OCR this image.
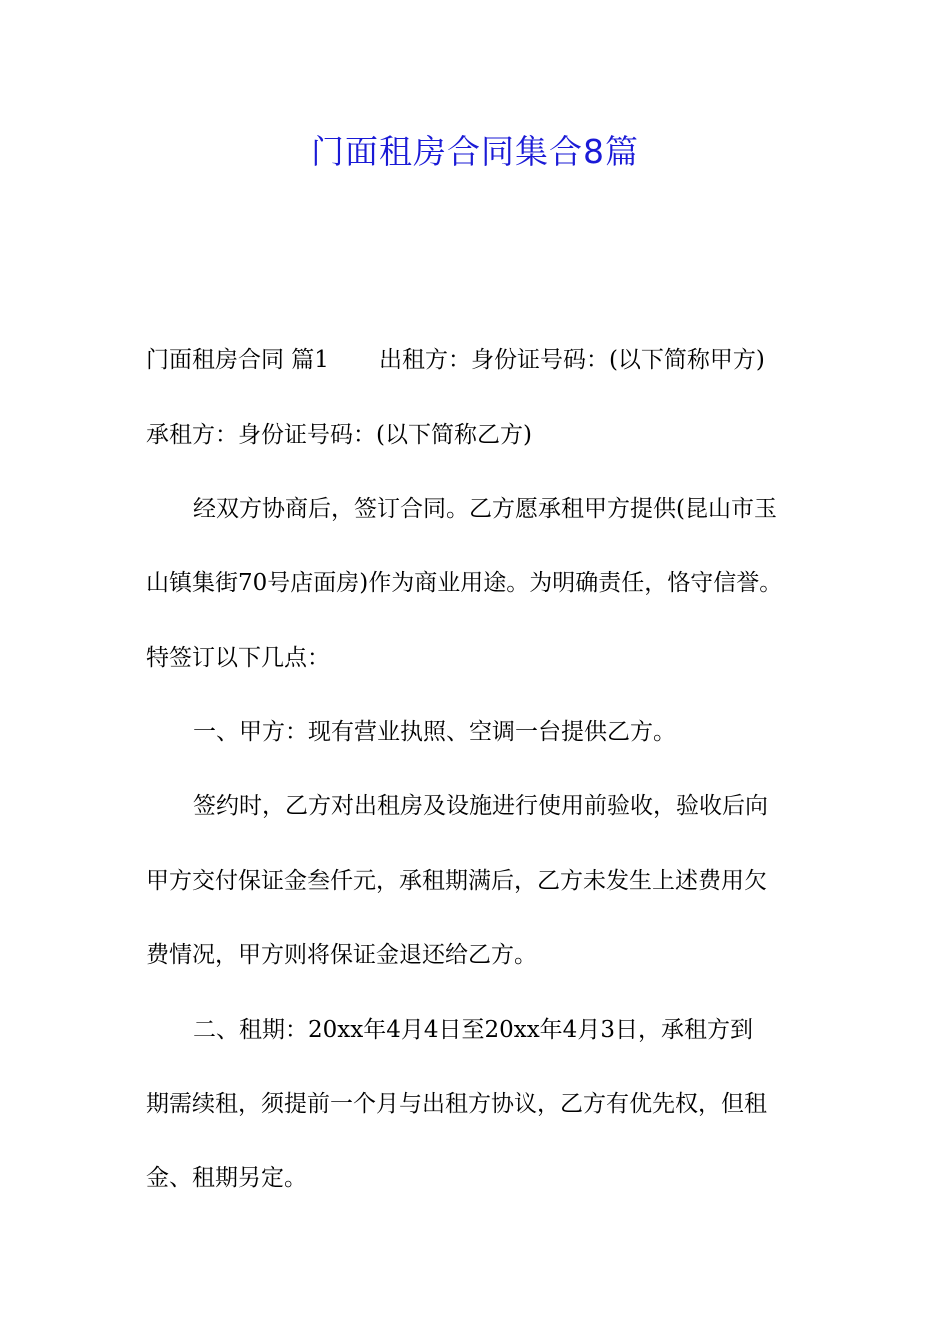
门面租房合同集合8篇

门面租房合同 篇1 出租方：身份证号码：(以下简称甲方)

承租方：身份证号码：(以下简称乙方)

经双方协商后，签订合同。乙方愿承租甲方提供(昆山市玉

山镇集街70号店面房)作为商业用途。为明确责任，恪守信誉。

特签订以下几点：

一、甲方：现有营业执照、空调一台提供乙方。

签约时，乙方对出租房及设施进行使用前验收，验收后向

甲方交付保证金叁仟元，承租期满后，乙方未发生上述费用欠

费情况，甲方则将保证金退还给乙方。

二、租期：20xx年4月4日至20xx年4月3日，承租方到

期需续租，须提前一个月与出租方协议，乙方有优先权，但租

金、租期另定。
